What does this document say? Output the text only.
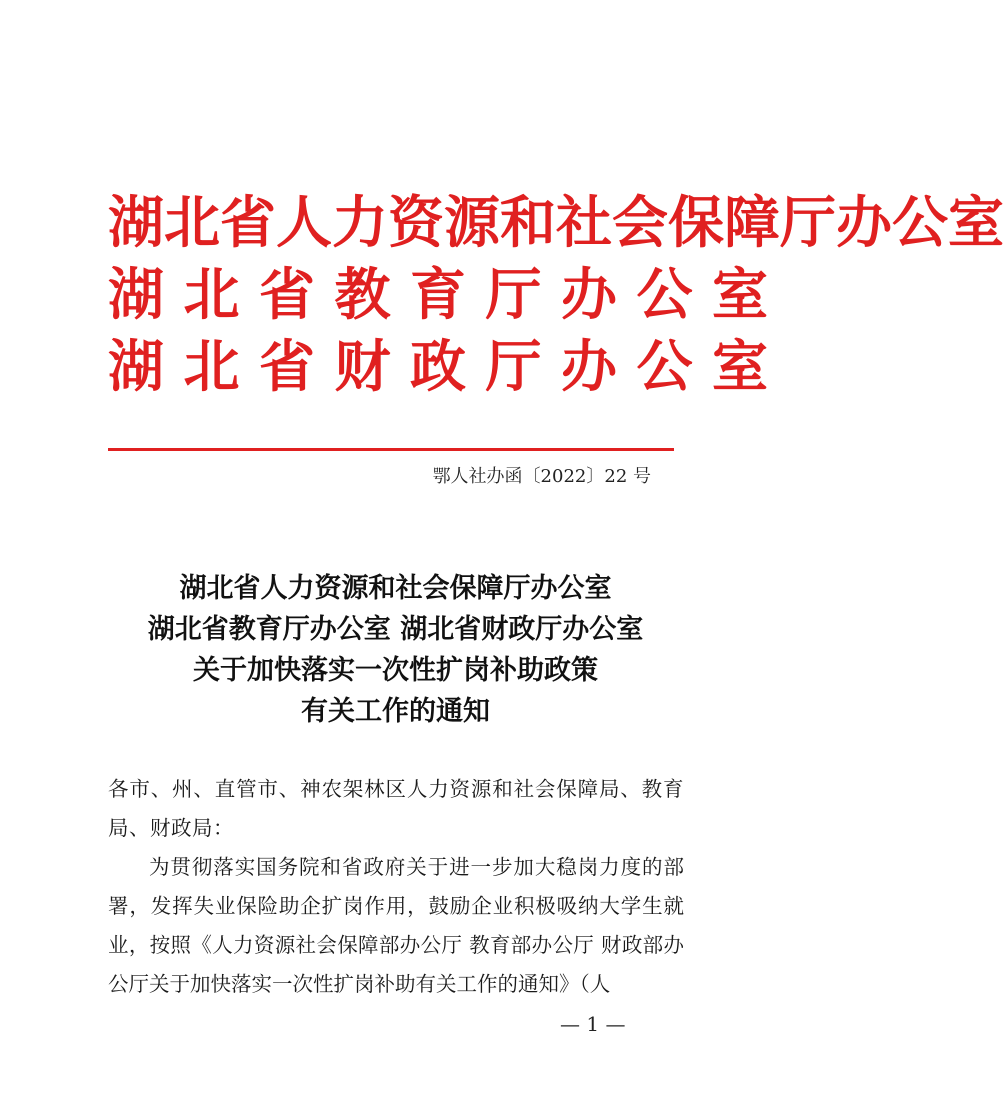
湖北省人力资源和社会保障厅办公室
湖 北 省 教 育 厅 办 公 室
湖 北 省 财 政 厅 办 公 室
鄂人社办函〔2022〕22 号
湖北省人力资源和社会保障厅办公室
湖北省教育厅办公室 湖北省财政厅办公室
关于加快落实一次性扩岗补助政策
有关工作的通知

各市、州、直管市、神农架林区人力资源和社会保障局、教育局、财政局：

为贯彻落实国务院和省政府关于进一步加大稳岗力度的部署，发挥失业保险助企扩岗作用，鼓励企业积极吸纳大学生就业，按照《人力资源社会保障部办公厅 教育部办公厅 财政部办公厅关于加快落实一次性扩岗补助有关工作的通知》（人

— 1 —
